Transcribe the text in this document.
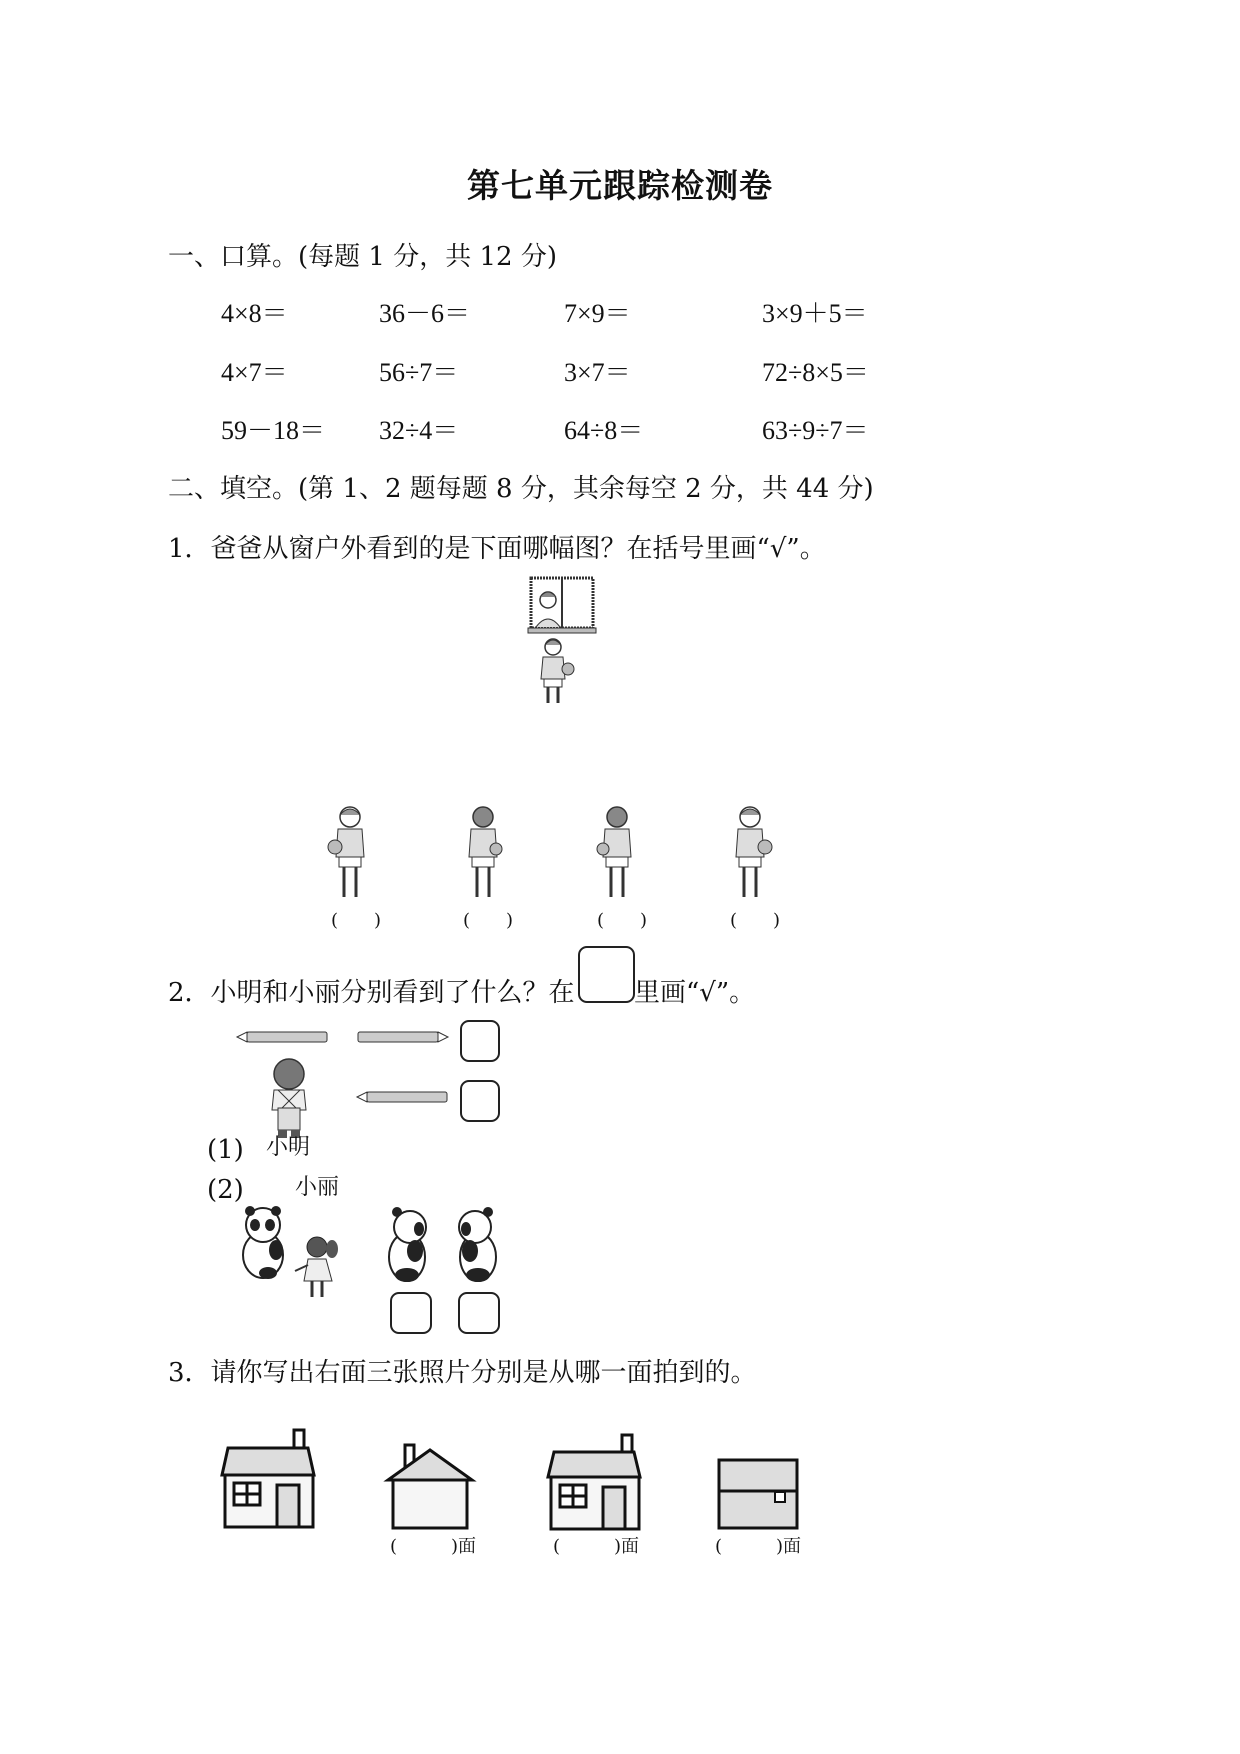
第七单元跟踪检测卷
一、口算。(每题 1 分，共 12 分)
4×8＝	36－6＝	7×9＝	3×9＋5＝
4×7＝	56÷7＝	3×7＝	72÷8×5＝
59－18＝ 32÷4＝	64÷8＝	63÷9÷7＝
二、填空。(第 1、2 题每题 8 分，其余每空 2 分，共 44 分)
1．爸爸从窗户外看到的是下面哪幅图？在括号里画“√”。
(　　)	(　　)	(　　)	(　　)
2．小明和小丽分别看到了什么？在 里画“√”。
小明
(1)
小丽
(2)
3．请你写出右面三张照片分别是从哪一面拍到的。
(　　　)面	(　　　)面	(　　　)面
